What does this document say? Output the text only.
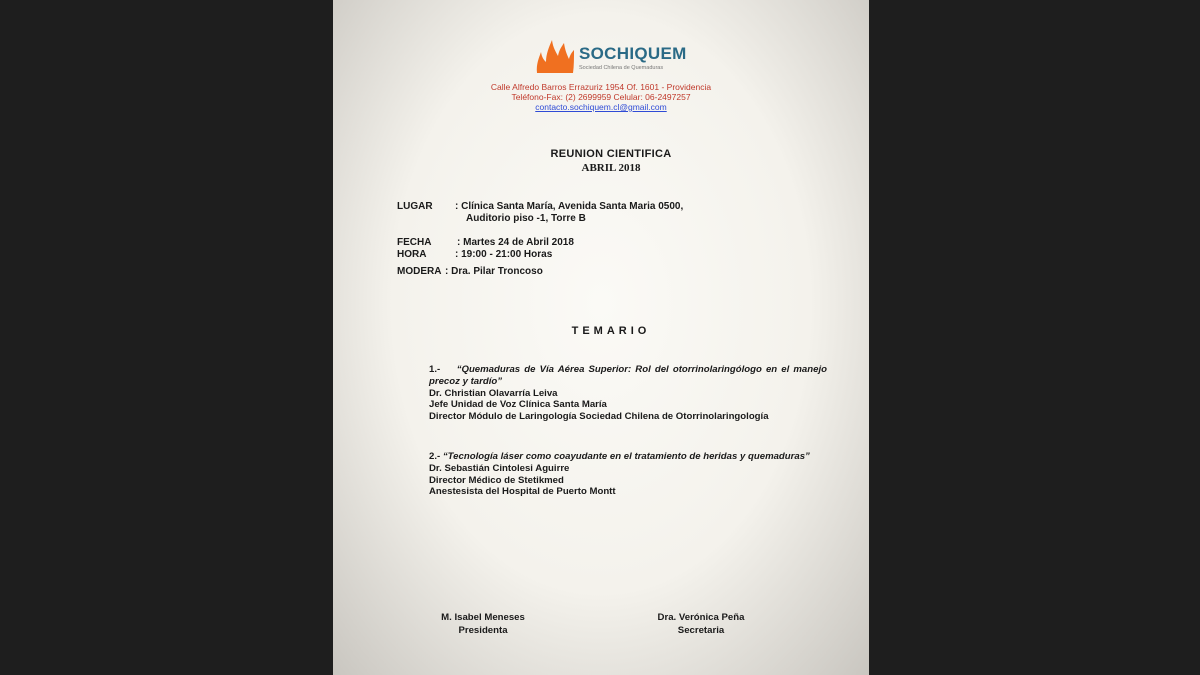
SOCHIQUEM
Sociedad Chilena de Quemaduras
Calle Alfredo Barros Errazuriz 1954 Of. 1601 - Providencia
Teléfono-Fax: (2) 2699959 Celular: 06-2497257
contacto.sochiquem.cl@gmail.com
REUNION CIENTIFICA
ABRIL 2018
LUGAR : Clínica Santa María, Avenida Santa Maria 0500,
Auditorio piso -1, Torre B
FECHA	: Martes 24 de Abril 2018
HORA	: 19:00 - 21:00 Horas
MODERA : Dra. Pilar Troncoso
TEMARIO
1.- “Quemaduras de Vía Aérea Superior: Rol del otorrinolaringólogo en el manejo precoz y tardío”
Dr. Christian Olavarría Leiva
Jefe Unidad de Voz Clínica Santa María
Director Módulo de Laringología Sociedad Chilena de Otorrinolaringología
2.- “Tecnología láser como coayudante en el tratamiento de heridas y quemaduras”
Dr. Sebastián Cintolesi Aguirre
Director Médico de Stetikmed
Anestesista del Hospital de Puerto Montt
M. Isabel Meneses
Presidenta
Dra. Verónica Peña
Secretaria
